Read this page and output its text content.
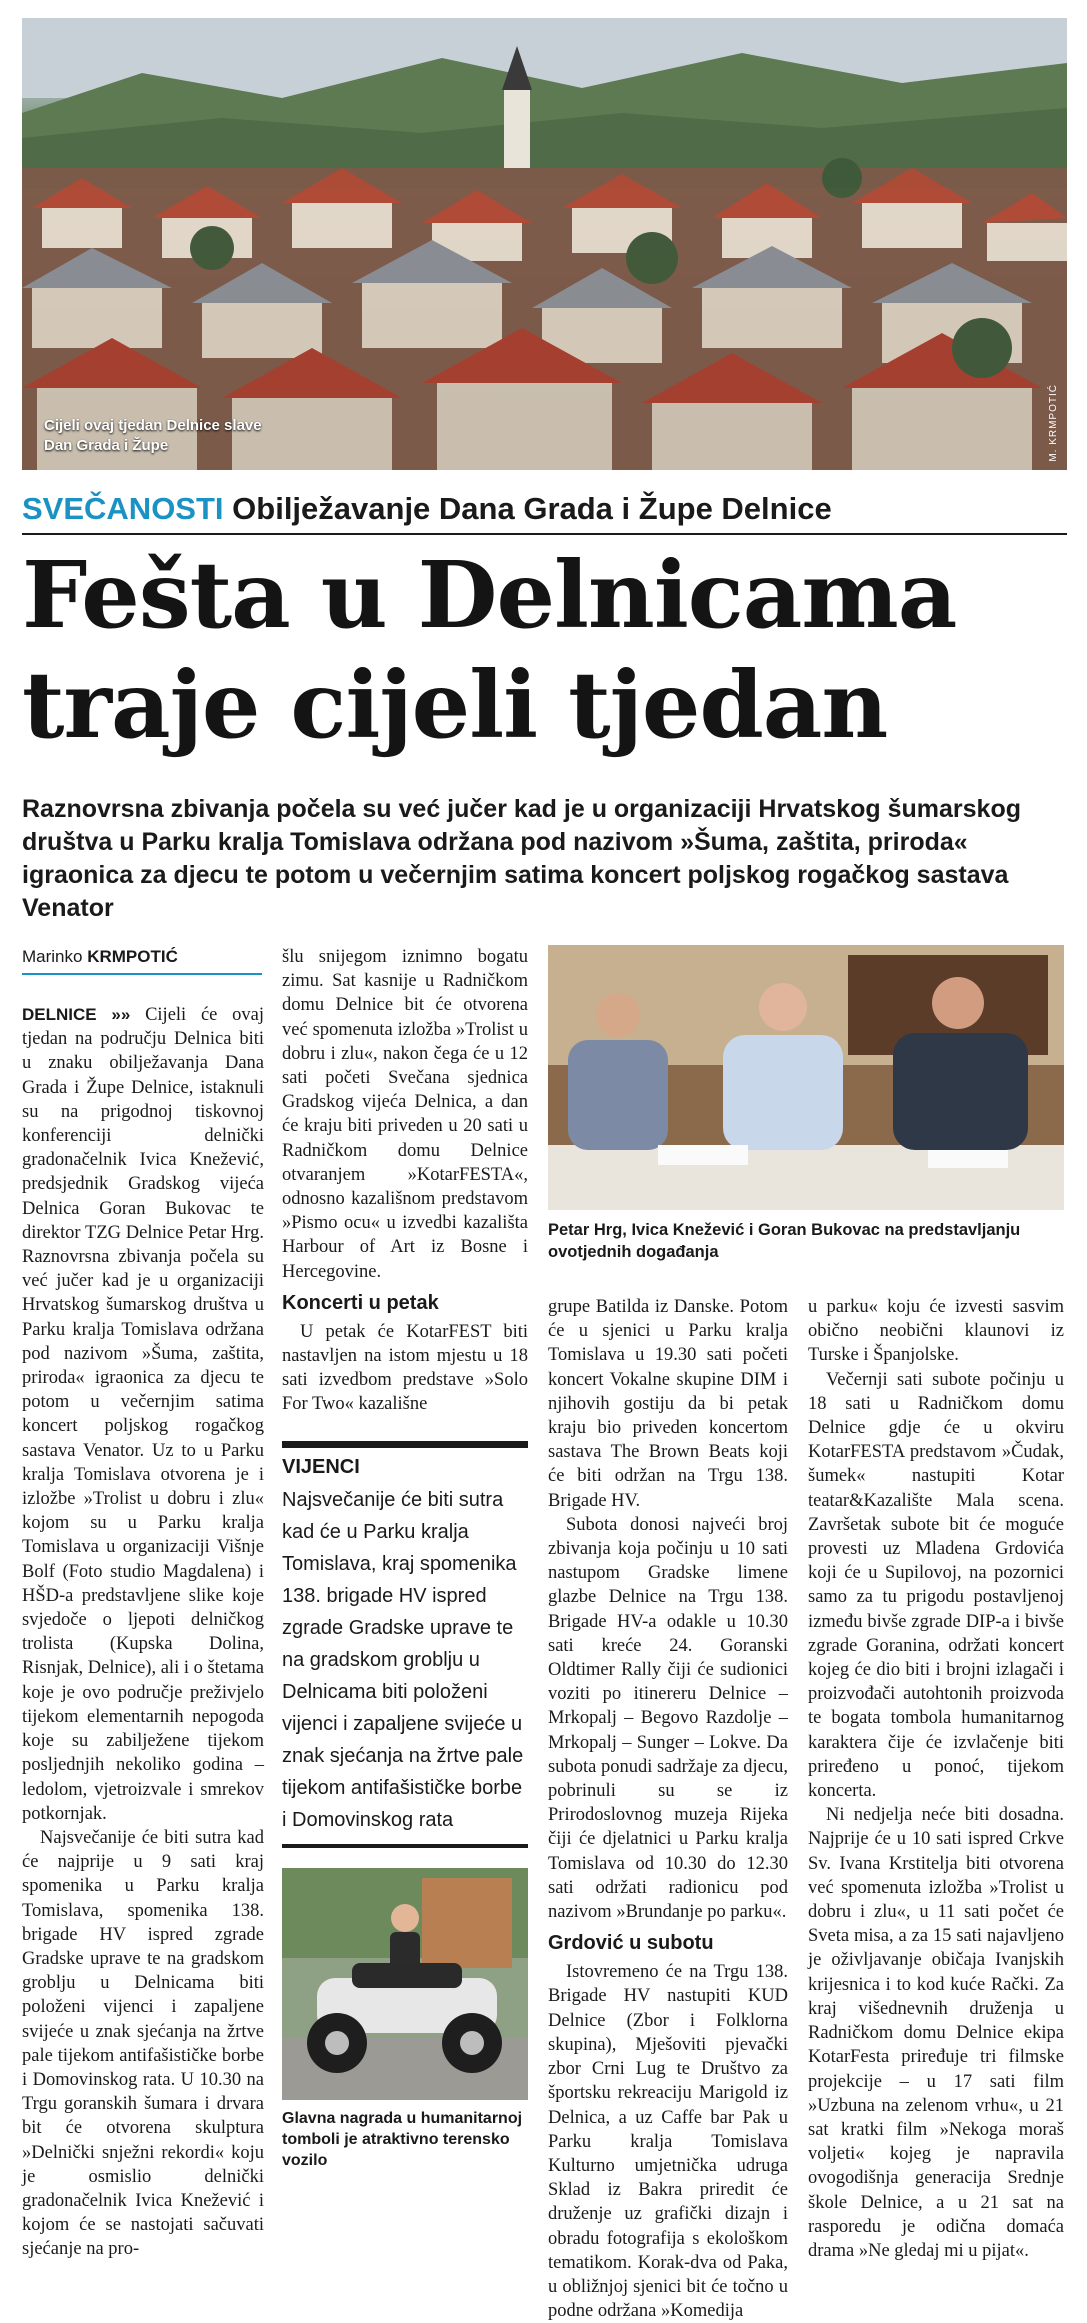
Cijeli ovaj tjedan Delnice slave Dan Grada i Župe	M. KRMPOTIĆ
SVEČANOSTI Obilježavanje Dana Grada i Župe Delnice
Fešta u Delnicama
traje cijeli tjedan
Raznovrsna zbivanja počela su već jučer kad je u organizaciji Hrvatskog šumarskog društva u Parku kralja Tomislava održana pod nazivom »Šuma, zaštita, priroda« igraonica za djecu te potom u večernjim satima koncert poljskog rogačkog sastava Venator
Marinko KRMPOTIĆ

DELNICE »» Cijeli će ovaj tjedan na području Delnica biti u znaku obilježavanja Dana Grada i Župe Delnice, istaknuli su na prigodnoj tiskovnoj konferenciji delnički gradonačelnik Ivica Knežević, predsjednik Gradskog vijeća Delnica Goran Bukovac te direktor TZG Delnice Petar Hrg. Raznovrsna zbivanja počela su već jučer kad je u organizaciji Hrvatskog šumarskog društva u Parku kralja Tomislava održana pod nazivom »Šuma, zaštita, priroda« igraonica za djecu te potom u večernjim satima koncert poljskog rogačkog sastava Venator. Uz to u Parku kralja Tomislava otvorena je i izložbe »Trolist u dobru i zlu« kojom su u Parku kralja Tomislava u organizaciji Višnje Bolf (Foto studio Magdalena) i HŠD-a predstavljene slike koje svjedoče o ljepoti delničkog trolista (Kupska Dolina, Risnjak, Delnice), ali i o štetama koje je ovo područje preživjelo tijekom elementarnih nepogoda koje su zabilježene tijekom posljednjih nekoliko godina – ledolom, vjetroizvale i smrekov potkornjak.

Najsvečanije će biti sutra kad će najprije u 9 sati kraj spomenika u Parku kralja Tomislava, spomenika 138. brigade HV ispred zgrade Gradske uprave te na gradskom groblju u Delnicama biti položeni vijenci i zapaljene svijeće u znak sjećanja na žrtve pale tijekom antifašističke borbe i Domovinskog rata. U 10.30 na Trgu goranskih šumara i drvara bit će otvorena skulptura »Delnički snježni rekordi« koju je osmislio delnički gradonačelnik Ivica Knežević i kojom će se nastojati sačuvati sjećanje na pro-

šlu snijegom iznimno bogatu zimu. Sat kasnije u Radničkom domu Delnice bit će otvorena već spomenuta izložba »Trolist u dobru i zlu«, nakon čega će u 12 sati početi Svečana sjednica Gradskog vijeća Delnica, a dan će kraju biti priveden u 20 sati u Radničkom domu Delnice otvaranjem »KotarFESTA«, odnosno kazališnom predstavom »Pismo ocu« u izvedbi kazališta Harbour of Art iz Bosne i Hercegovine.

Koncerti u petak

U petak će KotarFEST biti nastavljen na istom mjestu u 18 sati izvedbom predstave »Solo For Two« kazališne

Petar Hrg, Ivica Knežević i Goran Bukovac na predstavljanju ovotjednih događanja
VIJENCI
Najsvečanije će biti sutra kad će u Parku kralja Tomislava, kraj spomenika 138. brigade HV ispred zgrade Gradske uprave te na gradskom groblju u Delnicama biti položeni vijenci i zapaljene svijeće u znak sjećanja na žrtve pale tijekom antifašističke borbe i Domovinskog rata
Glavna nagrada u humanitarnoj tomboli je atraktivno terensko vozilo

grupe Batilda iz Danske. Potom će u sjenici u Parku kralja Tomislava u 19.30 sati početi koncert Vokalne skupine DIM i njihovih gostiju da bi petak kraju bio priveden koncertom sastava The Brown Beats koji će biti održan na Trgu 138. Brigade HV.

Subota donosi najveći broj zbivanja koja počinju u 10 sati nastupom Gradske limene glazbe Delnice na Trgu 138. Brigade HV-a odakle u 10.30 sati kreće 24. Goranski Oldtimer Rally čiji će sudionici voziti po itinereru Delnice – Mrkopalj – Begovo Razdolje – Mrkopalj – Sunger – Lokve. Da subota ponudi sadržaje za djecu, pobrinuli su se iz Prirodoslovnog muzeja Rijeka čiji će djelatnici u Parku kralja Tomislava od 10.30 do 12.30 sati održati radionicu pod nazivom »Brundanje po parku«.

Grdović u subotu

Istovremeno će na Trgu 138. Brigade HV nastupiti KUD Delnice (Zbor i Folklorna skupina), Mješoviti pjevački zbor Crni Lug te Društvo za športsku rekreaciju Marigold iz Delnica, a uz Caffe bar Pak u Parku kralja Tomislava Kulturno umjetnička udruga Sklad iz Bakra priredit će druženje uz grafički dizajn i obradu fotografija s ekološkom tematikom. Korak-dva od Paka, u obližnjoj sjenici bit će točno u podne održana »Komedija

u parku« koju će izvesti sasvim obično neobični klaunovi iz Turske i Španjolske.

Večernji sati subote počinju u 18 sati u Radničkom domu Delnice gdje će u okviru KotarFESTA predstavom »Čudak, šumek« nastupiti Kotar teatar&Kazalište Mala scena. Završetak subote bit će moguće provesti uz Mladena Grdovića koji će u Supilovoj, na pozornici samo za tu prigodu postavljenoj između bivše zgrade DIP-a i bivše zgrade Goranina, održati koncert kojeg će dio biti i brojni izlagači i proizvođači autohtonih proizvoda te bogata tombola humanitarnog karaktera čije će izvlačenje biti priređeno u ponoć, tijekom koncerta.

Ni nedjelja neće biti dosadna. Najprije će u 10 sati ispred Crkve Sv. Ivana Krstitelja biti otvorena već spomenuta izložba »Trolist u dobru i zlu«, u 11 sati počet će Sveta misa, a za 15 sati najavljeno je oživljavanje običaja Ivanjskih krijesnica i to kod kuće Rački. Za kraj višednevnih druženja u Radničkom domu Delnice ekipa KotarFesta priređuje tri filmske projekcije – u 17 sati film »Uzbuna na zelenom vrhu«, u 21 sat kratki film »Nekoga moraš voljeti« kojeg je napravila ovogodišnja generacija Srednje škole Delnice, a u 21 sat na rasporedu je odična domaća drama »Ne gledaj mi u pijat«.
